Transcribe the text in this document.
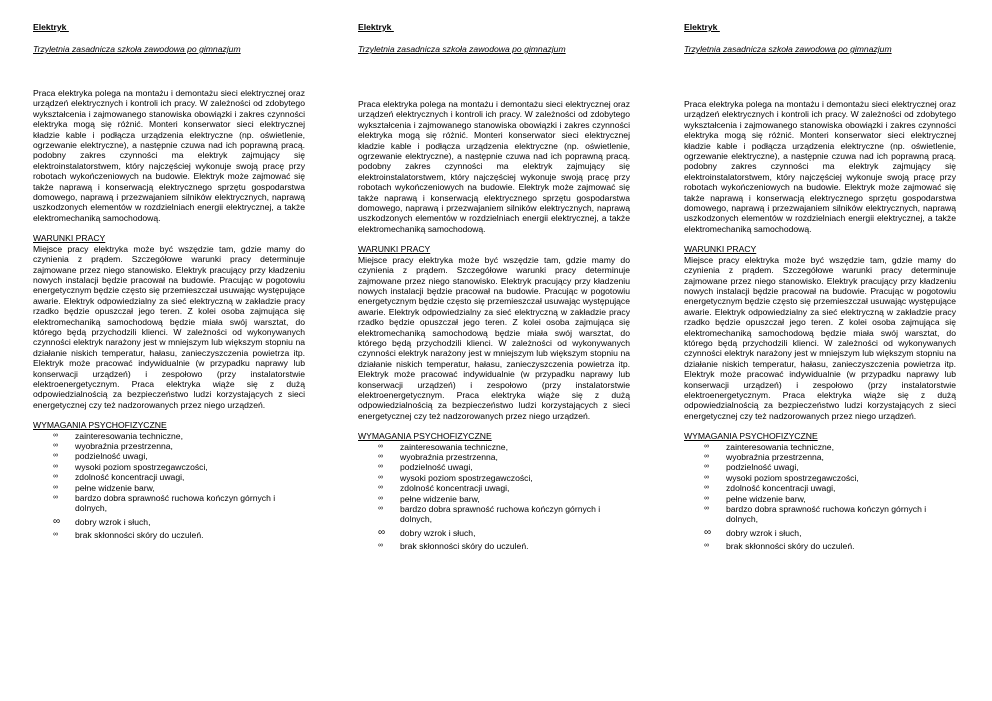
Elektryk
Trzyletnia zasadnicza szkoła zawodowa po gimnazjum
Praca elektryka polega na montażu i demontażu sieci elektrycznej oraz urządzeń elektrycznych i kontroli ich pracy. W zależności od zdobytego wykształcenia i zajmowanego stanowiska obowiązki i zakres czynności elektryka mogą się różnić. Monteri konserwator sieci elektrycznej kładzie kable i podłącza urządzenia elektryczne (np. oświetlenie, ogrzewanie elektryczne), a następnie czuwa nad ich poprawną pracą. podobny zakres czynności ma elektryk zajmujący się elektroinstalatorstwem, który najczęściej wykonuje swoją pracę przy robotach wykończeniowych na budowie. Elektryk może zajmować się także naprawą i konserwacją elektrycznego sprzętu gospodarstwa domowego, naprawą i przezwajaniem silników elektrycznych, naprawą uszkodzonych elementów w rozdzielniach energii elektrycznej, a także elektromechaniką samochodową.
WARUNKI PRACY
Miejsce pracy elektryka może być wszędzie tam, gdzie mamy do czynienia z prądem. Szczegółowe warunki pracy determinuje zajmowane przez niego stanowisko. Elektryk pracujący przy kładzeniu nowych instalacji będzie pracował na budowie. Pracując w pogotowiu energetycznym będzie często się przemieszczał usuwając występujące awarie. Elektryk odpowiedzialny za sieć elektryczną w zakładzie pracy rzadko będzie opuszczał jego teren. Z kolei osoba zajmująca się elektromechaniką samochodową będzie miała swój warsztat, do którego będą przychodzili klienci. W zależności od wykonywanych czynności elektryk narażony jest w mniejszym lub większym stopniu na działanie niskich temperatur, hałasu, zanieczyszczenia powietrza itp. Elektryk może pracować indywidualnie (w przypadku naprawy lub konserwacji urządzeń) i zespołowo (przy instalatorstwie elektroenergetycznym. Praca elektryka wiąże się z dużą odpowiedzialnością za bezpieczeństwo ludzi korzystających z sieci energetycznej czy też nadzorowanych przez niego urządzeń.
WYMAGANIA PSYCHOFIZYCZNE
∞	zainteresowania techniczne,
∞	wyobraźnia przestrzenna,
∞	podzielność uwagi,
∞	wysoki poziom spostrzegawczości,
∞	zdolność koncentracji uwagi,
∞	pełne widzenie barw,
∞	bardzo dobra sprawność ruchowa kończyn górnych i dolnych,
∞	dobry wzrok i słuch,
∞	brak skłonności skóry do uczuleń.
Elektryk
Trzyletnia zasadnicza szkoła zawodowa po gimnazjum
Praca elektryka polega na montażu i demontażu sieci elektrycznej oraz urządzeń elektrycznych i kontroli ich pracy. W zależności od zdobytego wykształcenia i zajmowanego stanowiska obowiązki i zakres czynności elektryka mogą się różnić. Monteri konserwator sieci elektrycznej kładzie kable i podłącza urządzenia elektryczne (np. oświetlenie, ogrzewanie elektryczne), a następnie czuwa nad ich poprawną pracą. podobny zakres czynności ma elektryk zajmujący się elektroinstalatorstwem, który najczęściej wykonuje swoją pracę przy robotach wykończeniowych na budowie. Elektryk może zajmować się także naprawą i konserwacją elektrycznego sprzętu gospodarstwa domowego, naprawą i przezwajaniem silników elektrycznych, naprawą uszkodzonych elementów w rozdzielniach energii elektrycznej, a także elektromechaniką samochodową.
WARUNKI PRACY
Miejsce pracy elektryka może być wszędzie tam, gdzie mamy do czynienia z prądem. Szczegółowe warunki pracy determinuje zajmowane przez niego stanowisko. Elektryk pracujący przy kładzeniu nowych instalacji będzie pracował na budowie. Pracując w pogotowiu energetycznym będzie często się przemieszczał usuwając występujące awarie. Elektryk odpowiedzialny za sieć elektryczną w zakładzie pracy rzadko będzie opuszczał jego teren. Z kolei osoba zajmująca się elektromechaniką samochodową będzie miała swój warsztat, do którego będą przychodzili klienci. W zależności od wykonywanych czynności elektryk narażony jest w mniejszym lub większym stopniu na działanie niskich temperatur, hałasu, zanieczyszczenia powietrza itp. Elektryk może pracować indywidualnie (w przypadku naprawy lub konserwacji urządzeń) i zespołowo (przy instalatorstwie elektroenergetycznym. Praca elektryka wiąże się z dużą odpowiedzialnością za bezpieczeństwo ludzi korzystających z sieci energetycznej czy też nadzorowanych przez niego urządzeń.
WYMAGANIA PSYCHOFIZYCZNE
∞	zainteresowania techniczne,
∞	wyobraźnia przestrzenna,
∞	podzielność uwagi,
∞	wysoki poziom spostrzegawczości,
∞	zdolność koncentracji uwagi,
∞	pełne widzenie barw,
∞	bardzo dobra sprawność ruchowa kończyn górnych i dolnych,
∞	dobry wzrok i słuch,
∞	brak skłonności skóry do uczuleń.
Elektryk
Trzyletnia zasadnicza szkoła zawodowa po gimnazjum
Praca elektryka polega na montażu i demontażu sieci elektrycznej oraz urządzeń elektrycznych i kontroli ich pracy. W zależności od zdobytego wykształcenia i zajmowanego stanowiska obowiązki i zakres czynności elektryka mogą się różnić. Monteri konserwator sieci elektrycznej kładzie kable i podłącza urządzenia elektryczne (np. oświetlenie, ogrzewanie elektryczne), a następnie czuwa nad ich poprawną pracą. podobny zakres czynności ma elektryk zajmujący się elektroinstalatorstwem, który najczęściej wykonuje swoją pracę przy robotach wykończeniowych na budowie. Elektryk może zajmować się także naprawą i konserwacją elektrycznego sprzętu gospodarstwa domowego, naprawą i przezwajaniem silników elektrycznych, naprawą uszkodzonych elementów w rozdzielniach energii elektrycznej, a także elektromechaniką samochodową.
WARUNKI PRACY
Miejsce pracy elektryka może być wszędzie tam, gdzie mamy do czynienia z prądem. Szczegółowe warunki pracy determinuje zajmowane przez niego stanowisko. Elektryk pracujący przy kładzeniu nowych instalacji będzie pracował na budowie. Pracując w pogotowiu energetycznym będzie często się przemieszczał usuwając występujące awarie. Elektryk odpowiedzialny za sieć elektryczną w zakładzie pracy rzadko będzie opuszczał jego teren. Z kolei osoba zajmująca się elektromechaniką samochodową będzie miała swój warsztat, do którego będą przychodzili klienci. W zależności od wykonywanych czynności elektryk narażony jest w mniejszym lub większym stopniu na działanie niskich temperatur, hałasu, zanieczyszczenia powietrza itp. Elektryk może pracować indywidualnie (w przypadku naprawy lub konserwacji urządzeń) i zespołowo (przy instalatorstwie elektroenergetycznym. Praca elektryka wiąże się z dużą odpowiedzialnością za bezpieczeństwo ludzi korzystających z sieci energetycznej czy też nadzorowanych przez niego urządzeń.
WYMAGANIA PSYCHOFIZYCZNE
∞	zainteresowania techniczne,
∞	wyobraźnia przestrzenna,
∞	podzielność uwagi,
∞	wysoki poziom spostrzegawczości,
∞	zdolność koncentracji uwagi,
∞	pełne widzenie barw,
∞	bardzo dobra sprawność ruchowa kończyn górnych i dolnych,
∞	dobry wzrok i słuch,
∞	brak skłonności skóry do uczuleń.
